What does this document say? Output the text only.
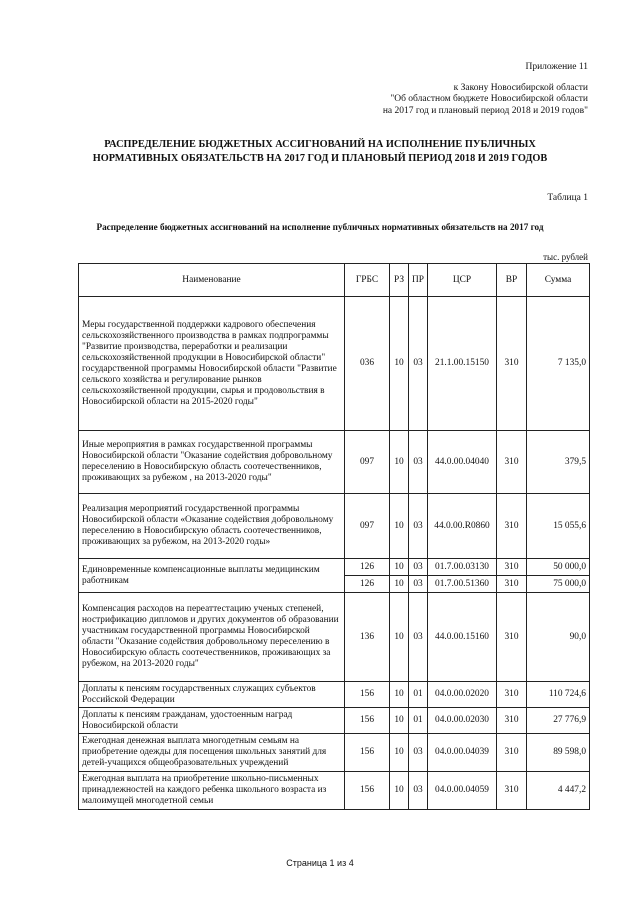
Приложение 11
к Закону Новосибирской области
"Об областном бюджете Новосибирской области
на 2017 год и плановый период 2018 и 2019 годов"
РАСПРЕДЕЛЕНИЕ БЮДЖЕТНЫХ АССИГНОВАНИЙ НА ИСПОЛНЕНИЕ ПУБЛИЧНЫХ
НОРМАТИВНЫХ ОБЯЗАТЕЛЬСТВ НА 2017 ГОД И ПЛАНОВЫЙ ПЕРИОД 2018 И 2019 ГОДОВ
Таблица 1
Распределение бюджетных ассигнований на исполнение публичных нормативных обязательств на 2017 год
тыс. рублей
Наименование	ГРБС	РЗ	ПР	ЦСР	ВР	Сумма
Меры государственной поддержки кадрового обеспечения сельскохозяйственного производства в рамках подпрограммы "Развитие производства, переработки и реализации сельскохозяйственной продукции в Новосибирской области" государственной программы Новосибирской области "Развитие сельского хозяйства и регулирование рынков сельскохозяйственной продукции, сырья и продовольствия в Новосибирской области на 2015-2020 годы"	036	10	03	21.1.00.15150	310	7 135,0
Иные мероприятия в рамках государственной программы Новосибирской области "Оказание содействия добровольному переселению в Новосибирскую область соотечественников, проживающих за рубежом , на 2013-2020 годы"	097	10	03	44.0.00.04040	310	379,5
Реализация мероприятий государственной программы Новосибирской области «Оказание содействия добровольному переселению в Новосибирскую область соотечественников, проживающих за рубежом, на 2013-2020 годы»	097	10	03	44.0.00.R0860	310	15 055,6
Единовременные компенсационные выплаты медицинским работникам	126	10	03	01.7.00.03130	310	50 000,0
	126	10	03	01.7.00.51360	310	75 000,0
Компенсация расходов на переаттестацию ученых степеней, нострификацию дипломов и других документов об образовании участникам государственной программы Новосибирской области "Оказание содействия добровольному переселению в Новосибирскую область соотечественников, проживающих за рубежом, на 2013-2020 годы"	136	10	03	44.0.00.15160	310	90,0
Доплаты к пенсиям государственных служащих субъектов Российской Федерации	156	10	01	04.0.00.02020	310	110 724,6
Доплаты к пенсиям гражданам, удостоенным наград Новосибирской области	156	10	01	04.0.00.02030	310	27 776,9
Ежегодная денежная выплата многодетным семьям на приобретение одежды для посещения школьных занятий для детей-учащихся общеобразовательных учреждений	156	10	03	04.0.00.04039	310	89 598,0
Ежегодная выплата на приобретение школьно-письменных принадлежностей на каждого ребенка школьного возраста из малоимущей многодетной семьи	156	10	03	04.0.00.04059	310	4 447,2
Страница 1 из 4
